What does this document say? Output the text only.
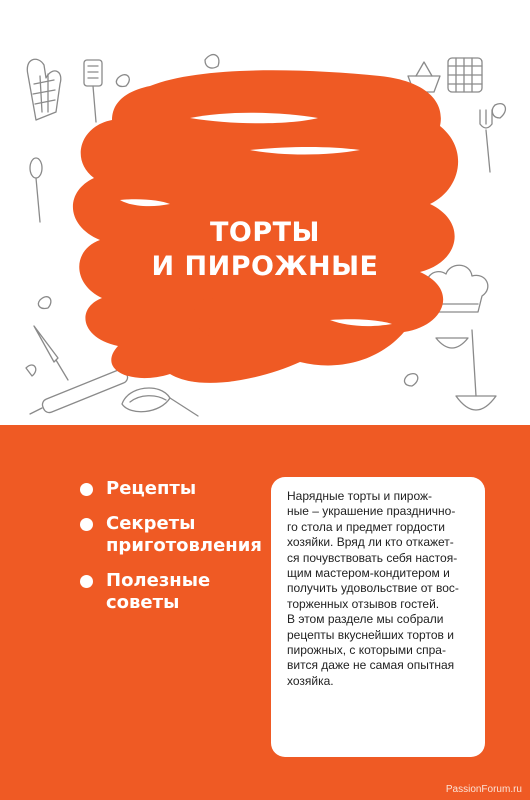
ТОРТЫ
И ПИРОЖНЫЕ
Рецепты
Секреты
приготовления
Полезные
советы

Нарядные торты и пирож-
ные – украшение празднично-
го стола и предмет гордости
хозяйки. Вряд ли кто откажет-
ся почувствовать себя настоя-
щим мастером-кондитером и
получить удовольствие от вос-
торженных отзывов гостей.
В этом разделе мы собрали
рецепты вкуснейших тортов и
пирожных, с которыми спра-
вится даже не самая опытная
хозяйка.

PassionForum.ru
